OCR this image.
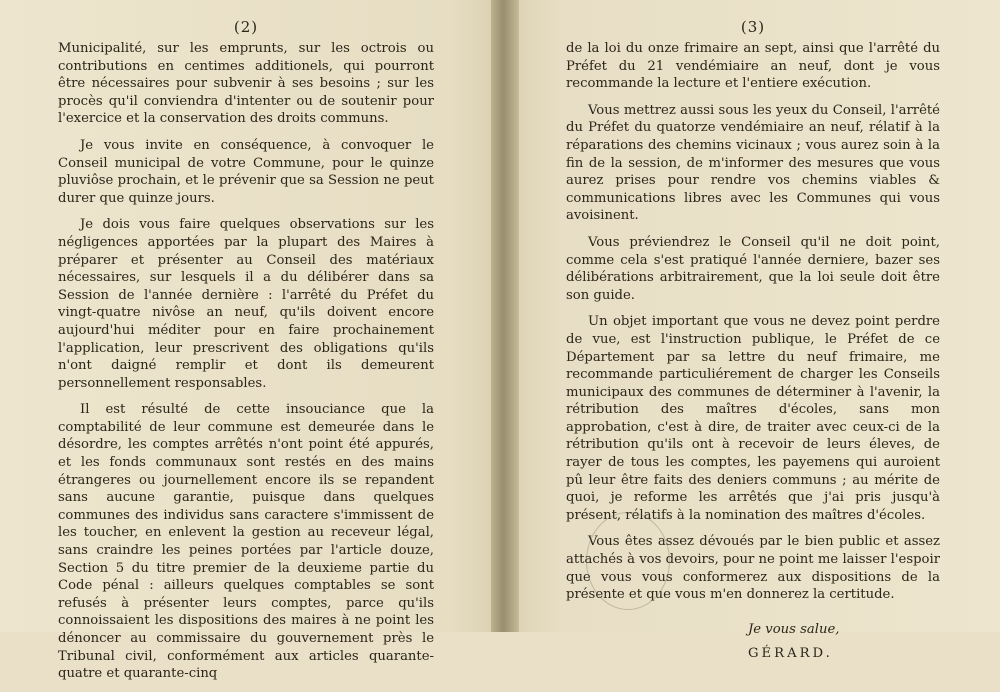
(2)

Municipalité, sur les emprunts, sur les octrois ou contributions en centimes additionels, qui pourront être nécessaires pour subvenir à ses besoins ; sur les procès qu'il conviendra d'intenter ou de soutenir pour l'exercice et la conservation des droits communs.

Je vous invite en conséquence, à convoquer le Conseil municipal de votre Commune, pour le quinze pluviôse prochain, et le prévenir que sa Session ne peut durer que quinze jours.

Je dois vous faire quelques observations sur les négligences apportées par la plupart des Maires à préparer et présenter au Conseil des matériaux nécessaires, sur lesquels il a du délibérer dans sa Session de l'année dernière : l'arrêté du Préfet du vingt-quatre nivôse an neuf, qu'ils doivent encore aujourd'hui méditer pour en faire prochainement l'application, leur prescrivent des obligations qu'ils n'ont daigné remplir et dont ils demeurent personnellement responsables.

Il est résulté de cette insouciance que la comptabilité de leur commune est demeurée dans le désordre, les comptes arrêtés n'ont point été appurés, et les fonds communaux sont restés en des mains étrangeres ou journellement encore ils se repandent sans aucune garantie, puisque dans quelques communes des individus sans caractere s'immissent de les toucher, en enlevent la gestion au receveur légal, sans craindre les peines portées par l'article douze, Section 5 du titre premier de la deuxieme partie du Code pénal : ailleurs quelques comptables se sont refusés à présenter leurs comptes, parce qu'ils connoissaient les dispositions des maires à ne point les dénoncer au commissaire du gouvernement près le Tribunal civil, conformément aux articles quarante-quatre et quarante-cinq

(3)

de la loi du onze frimaire an sept, ainsi que l'arrêté du Préfet du 21 vendémiaire an neuf, dont je vous recommande la lecture et l'entiere exécution.

Vous mettrez aussi sous les yeux du Conseil, l'arrêté du Préfet du quatorze vendémiaire an neuf, rélatif à la réparations des chemins vicinaux ; vous aurez soin à la fin de la session, de m'informer des mesures que vous aurez prises pour rendre vos chemins viables & communications libres avec les Communes qui vous avoisinent.

Vous préviendrez le Conseil qu'il ne doit point, comme cela s'est pratiqué l'année derniere, bazer ses délibérations arbitrairement, que la loi seule doit être son guide.

Un objet important que vous ne devez point perdre de vue, est l'instruction publique, le Préfet de ce Département par sa lettre du neuf frimaire, me recommande particuliérement de charger les Conseils municipaux des communes de déterminer à l'avenir, la rétribution des maîtres d'écoles, sans mon approbation, c'est à dire, de traiter avec ceux-ci de la rétribution qu'ils ont à recevoir de leurs éleves, de rayer de tous les comptes, les payemens qui auroient pû leur être faits des deniers communs ; au mérite de quoi, je reforme les arrêtés que j'ai pris jusqu'à présent, rélatifs à la nomination des maîtres d'écoles.

Vous êtes assez dévoués par le bien public et assez attachés à vos devoirs, pour ne point me laisser l'espoir que vous vous conformerez aux dispositions de la présente et que vous m'en donnerez la certitude.

Je vous salue,
GÉRARD.
